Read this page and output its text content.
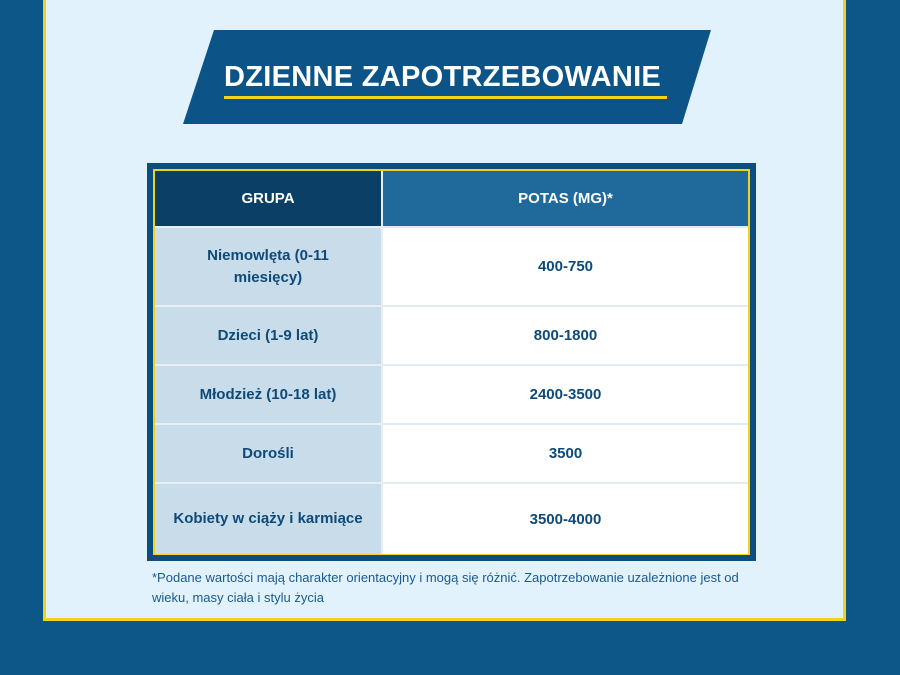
DZIENNE ZAPOTRZEBOWANIE
GRUPA	POTAS (MG)*
Niemowlęta (0-11 miesięcy)	400-750
Dzieci (1-9 lat)	800-1800
Młodzież (10-18 lat)	2400-3500
Dorośli	3500
Kobiety w ciąży i karmiące	3500-4000
*Podane wartości mają charakter orientacyjny i mogą się różnić. Zapotrzebowanie uzależnione jest od wieku, masy ciała i stylu życia
